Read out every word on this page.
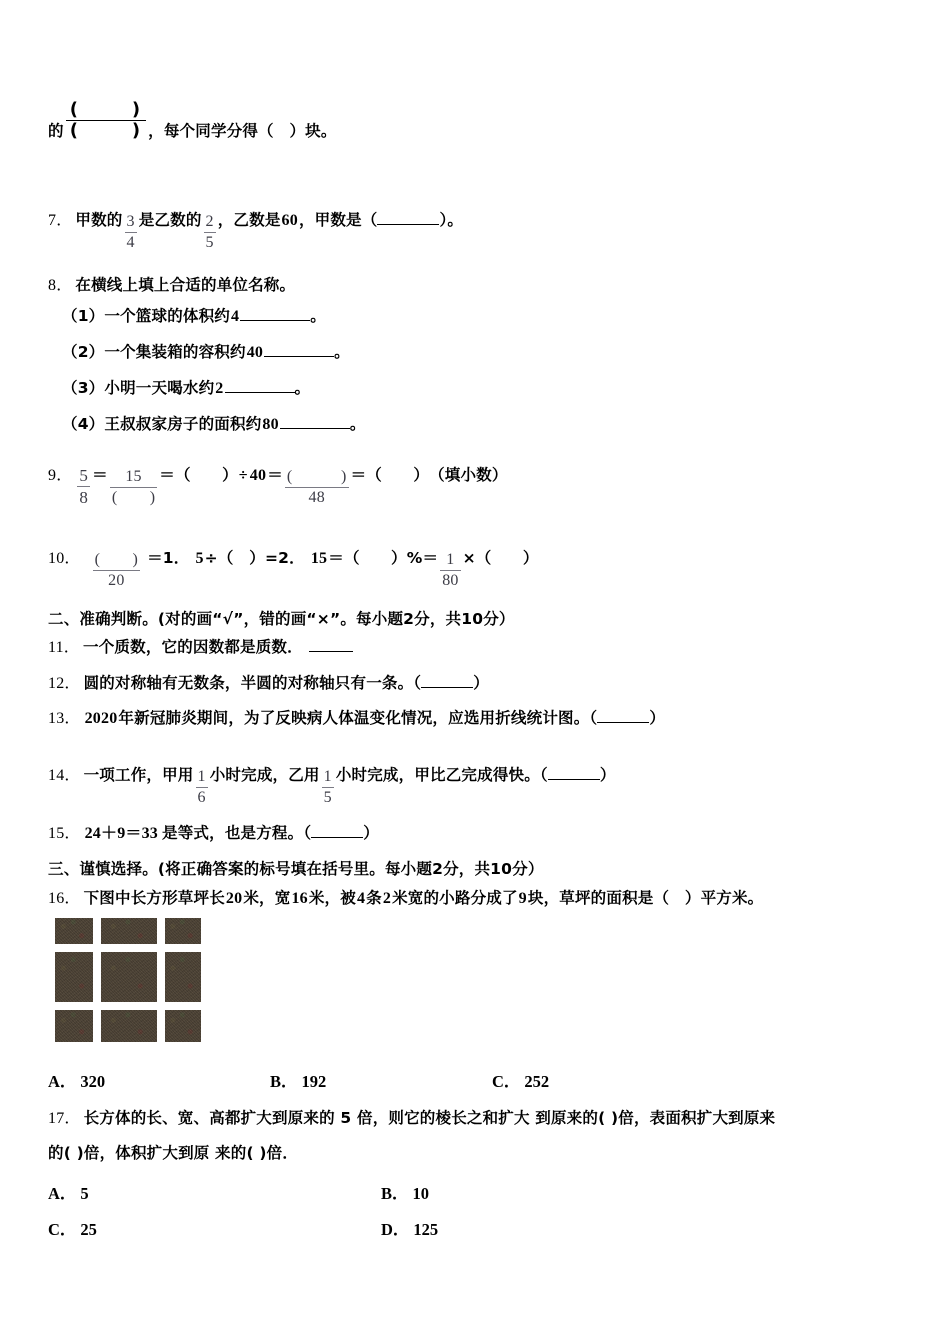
的
(　　)
(　　) ，每个同学分得（　）块。
7． 甲数的 $\frac{3}{4}$ 是乙数的 $\frac{2}{5}$ ，乙数是 60 ，甲数是（	）。
8． 在横线上填上合适的单位名称。
（1） 一个篮球的体积约 4	。
（2） 一个集装箱的容积约 40	。
（3） 小明一天喝水约 2	。
（4） 王叔叔家房子的面积约 80	。
9． $\frac{5}{8} = \frac{15}{( )}$ ＝ （　　） ÷ $40 = \frac{( )}{48}$ ＝ （　　） （填小数）
10． $\frac{( )}{20} =1$． 5 ÷（　）=2． 15 ＝（　　）%＝ $\frac{1}{80}$ ×（　　）
二、准确判断。(对的画“√”，错的画“×”。每小题2分，共10分）
11． 一个质数，它的因数都是质数．
12． 圆的对称轴有无数条，半圆的对称轴只有一条。（	）
13． 2020 年新冠肺炎期间，为了反映病人体温变化情况，应选用折线统计图。（	）
14． 一项工作，甲用 $\frac{1}{6}$ 小时完成，乙用 $\frac{1}{5}$ 小时完成，甲比乙完成得快。（	）
15． 24＋9＝33 是等式，也是方程。（	）
三、谨慎选择。(将正确答案的标号填在括号里。每小题2分，共10分）
16． 下图中长方形草坪长 20 米，宽 16 米，被 4 条 2 米宽的小路分成了 9 块，草坪的面积是（　）平方米。
A． 320	B． 192	C． 252
17． 长方体的长、宽、高都扩大到原来的 5 倍，则它的棱长之和扩大 到原来的( )倍，表面积扩大到原来
的( )倍，体积扩大到原 来的( )倍．
A． 5	B． 10
C． 25	D． 125
